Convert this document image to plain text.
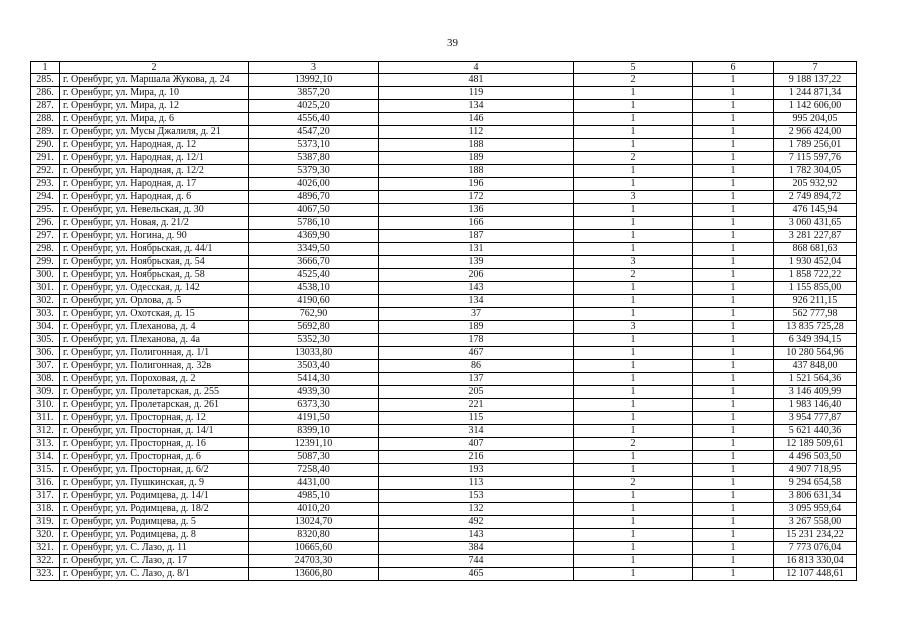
39
1	2	3	4	5	6	7
285.	г. Оренбург, ул. Маршала Жукова, д. 24	13992,10	481	2	1	9 188 137,22
286.	г. Оренбург, ул. Мира, д. 10	3857,20	119	1	1	1 244 871,34
287.	г. Оренбург, ул. Мира, д. 12	4025,20	134	1	1	1 142 606,00
288.	г. Оренбург, ул. Мира, д. 6	4556,40	146	1	1	995 204,05
289.	г. Оренбург, ул. Мусы Джалиля, д. 21	4547,20	112	1	1	2 966 424,00
290.	г. Оренбург, ул. Народная, д. 12	5373,10	188	1	1	1 789 256,01
291.	г. Оренбург, ул. Народная, д. 12/1	5387,80	189	2	1	7 115 597,76
292.	г. Оренбург, ул. Народная, д. 12/2	5379,30	188	1	1	1 782 304,05
293.	г. Оренбург, ул. Народная, д. 17	4026,00	196	1	1	205 932,92
294.	г. Оренбург, ул. Народная, д. 6	4896,70	172	3	1	2 749 894,72
295.	г. Оренбург, ул. Невельская, д. 30	4067,50	136	1	1	476 145,94
296.	г. Оренбург, ул. Новая, д. 21/2	5786,10	166	1	1	3 060 431,65
297.	г. Оренбург, ул. Ногина, д. 90	4369,90	187	1	1	3 281 227,87
298.	г. Оренбург, ул. Ноябрьская, д. 44/1	3349,50	131	1	1	868 681,63
299.	г. Оренбург, ул. Ноябрьская, д. 54	3666,70	139	3	1	1 930 452,04
300.	г. Оренбург, ул. Ноябрьская, д. 58	4525,40	206	2	1	1 858 722,22
301.	г. Оренбург, ул. Одесская, д. 142	4538,10	143	1	1	1 155 855,00
302.	г. Оренбург, ул. Орлова, д. 5	4190,60	134	1	1	926 211,15
303.	г. Оренбург, ул. Охотская, д. 15	762,90	37	1	1	562 777,98
304.	г. Оренбург, ул. Плеханова, д. 4	5692,80	189	3	1	13 835 725,28
305.	г. Оренбург, ул. Плеханова, д. 4а	5352,30	178	1	1	6 349 394,15
306.	г. Оренбург, ул. Полигонная, д. 1/1	13033,80	467	1	1	10 280 564,96
307.	г. Оренбург, ул. Полигонная, д. 32в	3503,40	86	1	1	437 848,00
308.	г. Оренбург, ул. Пороховая, д. 2	5414,30	137	1	1	1 521 564,36
309.	г. Оренбург, ул. Пролетарская, д. 255	4939,30	205	1	1	3 146 409,99
310.	г. Оренбург, ул. Пролетарская, д. 261	6373,30	221	1	1	1 983 146,40
311.	г. Оренбург, ул. Просторная, д. 12	4191,50	115	1	1	3 954 777,87
312.	г. Оренбург, ул. Просторная, д. 14/1	8399,10	314	1	1	5 621 440,36
313.	г. Оренбург, ул. Просторная, д. 16	12391,10	407	2	1	12 189 509,61
314.	г. Оренбург, ул. Просторная, д. 6	5087,30	216	1	1	4 496 503,50
315.	г. Оренбург, ул. Просторная, д. 6/2	7258,40	193	1	1	4 907 718,95
316.	г. Оренбург, ул. Пушкинская, д. 9	4431,00	113	2	1	9 294 654,58
317.	г. Оренбург, ул. Родимцева, д. 14/1	4985,10	153	1	1	3 806 631,34
318.	г. Оренбург, ул. Родимцева, д. 18/2	4010,20	132	1	1	3 095 959,64
319.	г. Оренбург, ул. Родимцева, д. 5	13024,70	492	1	1	3 267 558,00
320.	г. Оренбург, ул. Родимцева, д. 8	8320,80	143	1	1	15 231 234,22
321.	г. Оренбург, ул. С. Лазо, д. 11	10665,60	384	1	1	7 773 076,04
322.	г. Оренбург, ул. С. Лазо, д. 17	24703,30	744	1	1	16 813 330,04
323.	г. Оренбург, ул. С. Лазо, д. 8/1	13606,80	465	1	1	12 107 448,61
